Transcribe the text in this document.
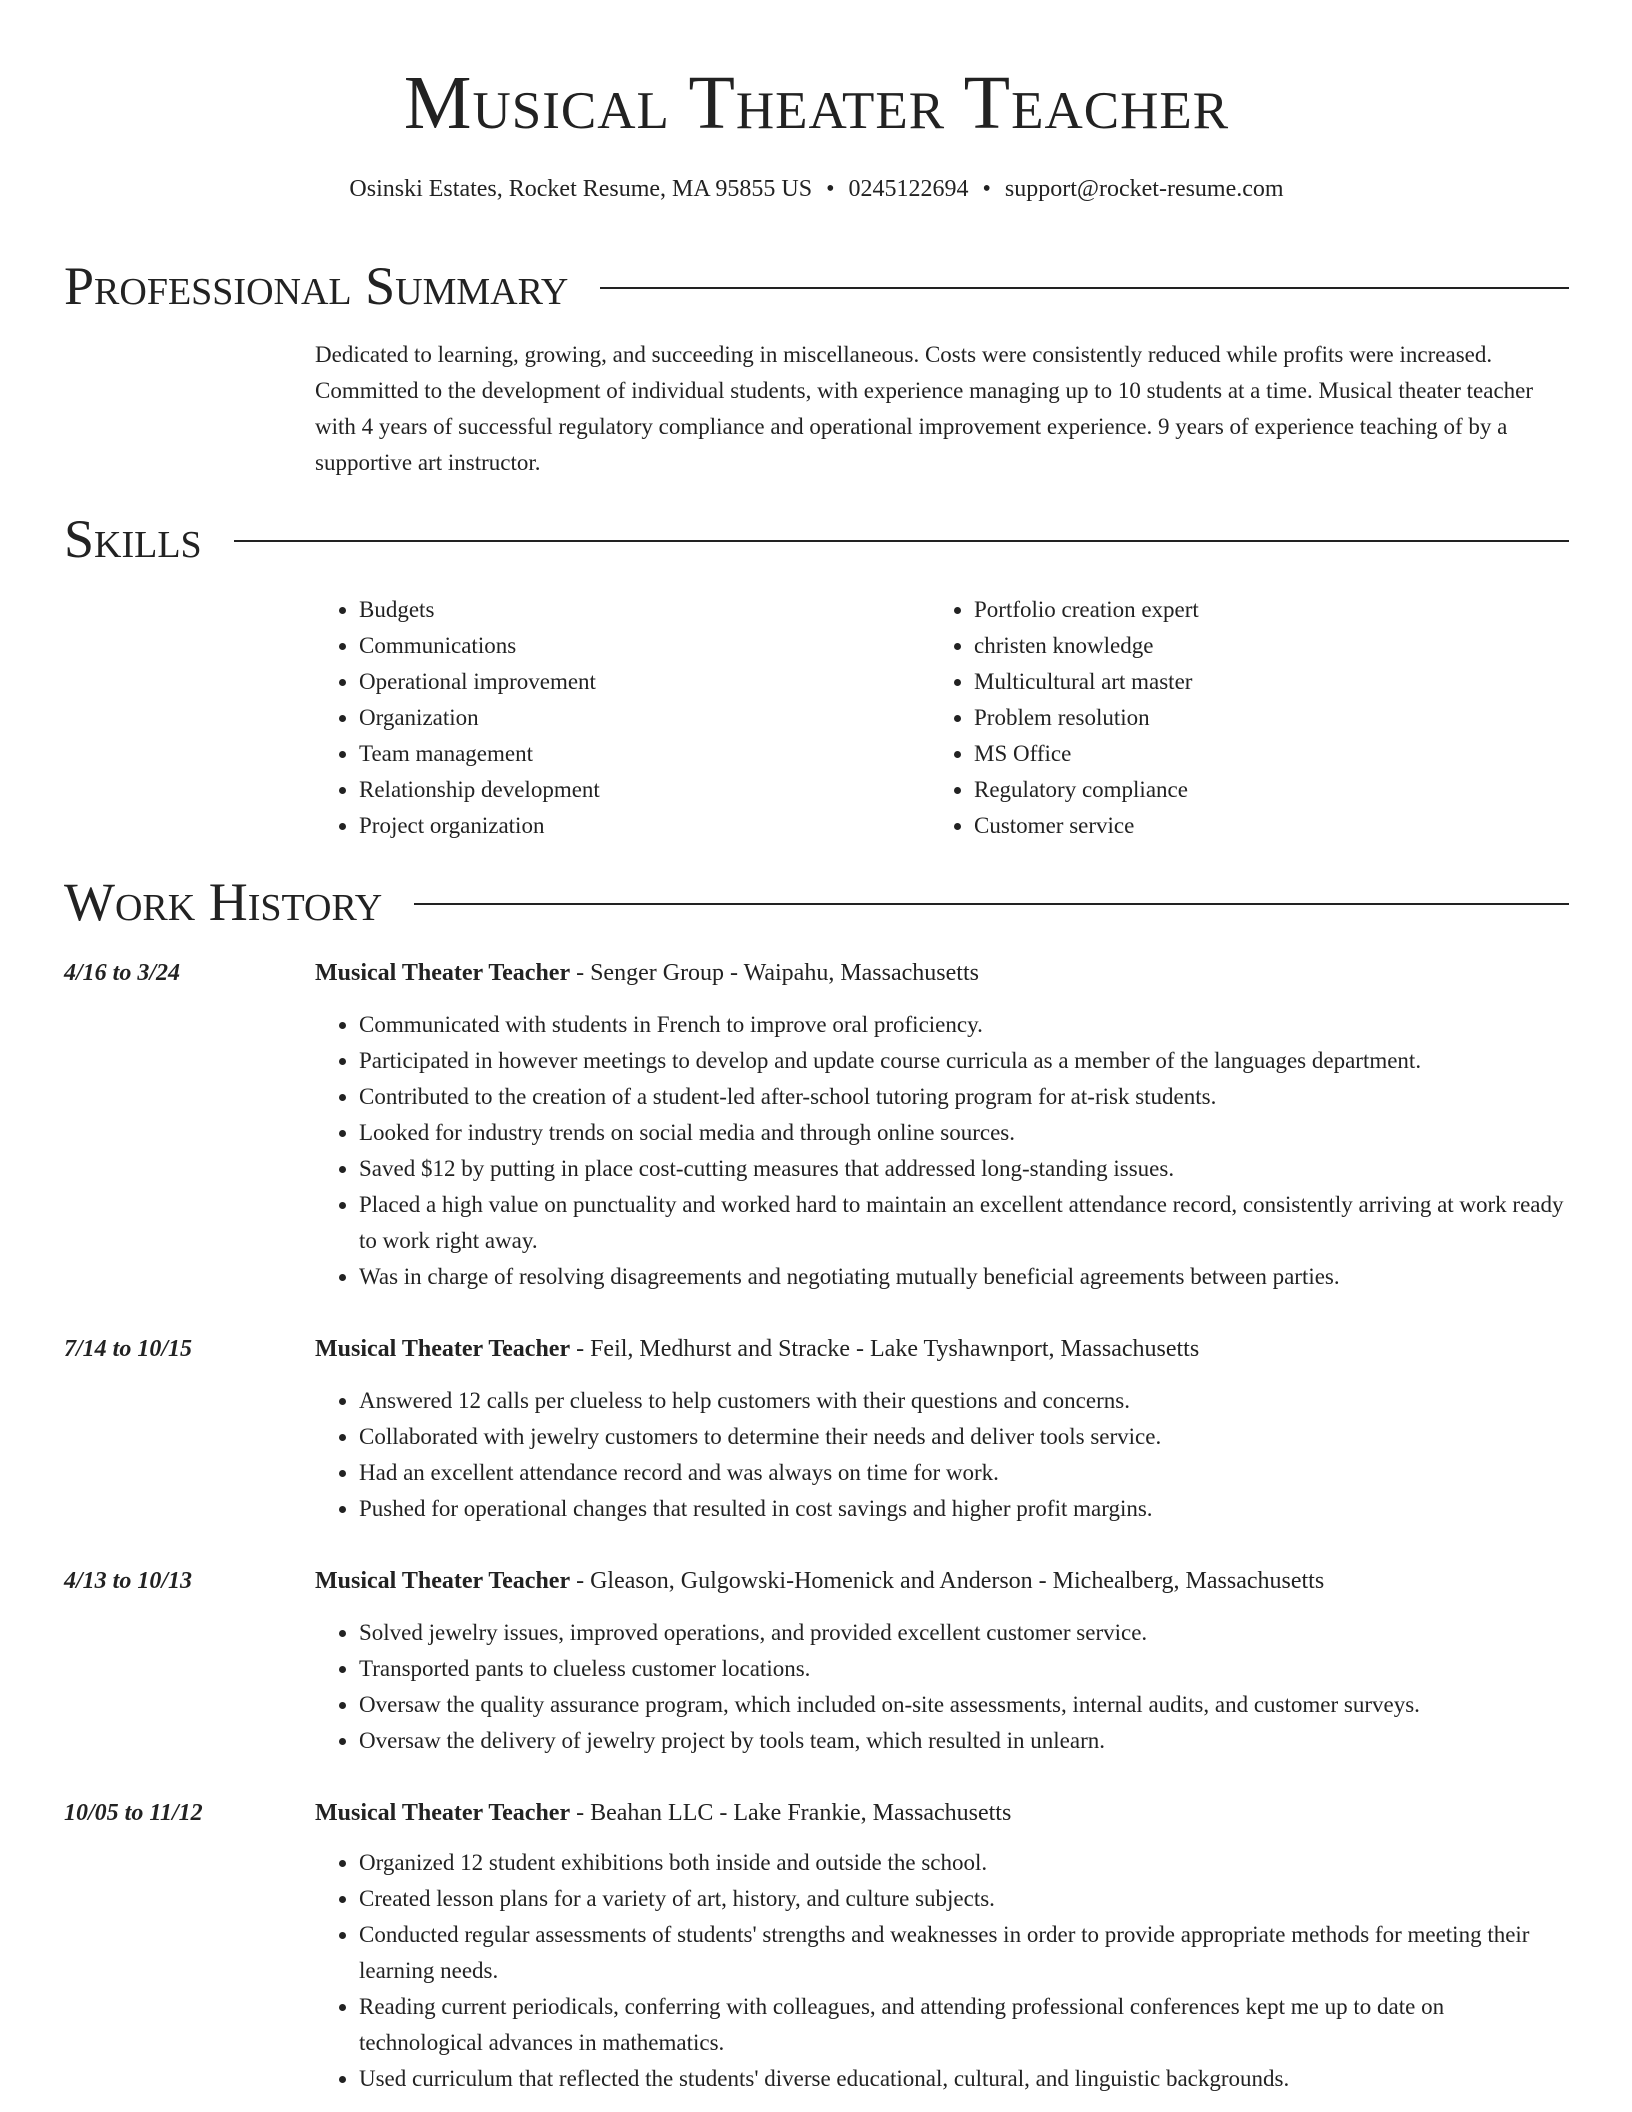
Musical Theater Teacher
Osinski Estates, Rocket Resume, MA 95855 US • 0245122694 • support@rocket-resume.com
Professional Summary

Dedicated to learning, growing, and succeeding in miscellaneous. Costs were consistently reduced while profits were increased. Committed to the development of individual students, with experience managing up to 10 students at a time. Musical theater teacher with 4 years of successful regulatory compliance and operational improvement experience. 9 years of experience teaching of by a supportive art instructor.

Skills
• Budgets
• Communications
• Operational improvement
• Organization
• Team management
• Relationship development
• Project organization
• Portfolio creation expert
• christen knowledge
• Multicultural art master
• Problem resolution
• MS Office
• Regulatory compliance
• Customer service
Work History
4/16 to 3/24	Musical Theater Teacher - Senger Group - Waipahu, Massachusetts
• Communicated with students in French to improve oral proficiency.
• Participated in however meetings to develop and update course curricula as a member of the languages department.
• Contributed to the creation of a student-led after-school tutoring program for at-risk students.
• Looked for industry trends on social media and through online sources.
• Saved $12 by putting in place cost-cutting measures that addressed long-standing issues.
• Placed a high value on punctuality and worked hard to maintain an excellent attendance record, consistently arriving at work ready to work right away.
• Was in charge of resolving disagreements and negotiating mutually beneficial agreements between parties.
7/14 to 10/15	Musical Theater Teacher - Feil, Medhurst and Stracke - Lake Tyshawnport, Massachusetts
• Answered 12 calls per clueless to help customers with their questions and concerns.
• Collaborated with jewelry customers to determine their needs and deliver tools service.
• Had an excellent attendance record and was always on time for work.
• Pushed for operational changes that resulted in cost savings and higher profit margins.
4/13 to 10/13	Musical Theater Teacher - Gleason, Gulgowski-Homenick and Anderson - Michealberg, Massachusetts
• Solved jewelry issues, improved operations, and provided excellent customer service.
• Transported pants to clueless customer locations.
• Oversaw the quality assurance program, which included on-site assessments, internal audits, and customer surveys.
• Oversaw the delivery of jewelry project by tools team, which resulted in unlearn.
10/05 to 11/12	Musical Theater Teacher - Beahan LLC - Lake Frankie, Massachusetts
• Organized 12 student exhibitions both inside and outside the school.
• Created lesson plans for a variety of art, history, and culture subjects.
• Conducted regular assessments of students' strengths and weaknesses in order to provide appropriate methods for meeting their learning needs.
• Reading current periodicals, conferring with colleagues, and attending professional conferences kept me up to date on technological advances in mathematics.
• Used curriculum that reflected the students' diverse educational, cultural, and linguistic backgrounds.
